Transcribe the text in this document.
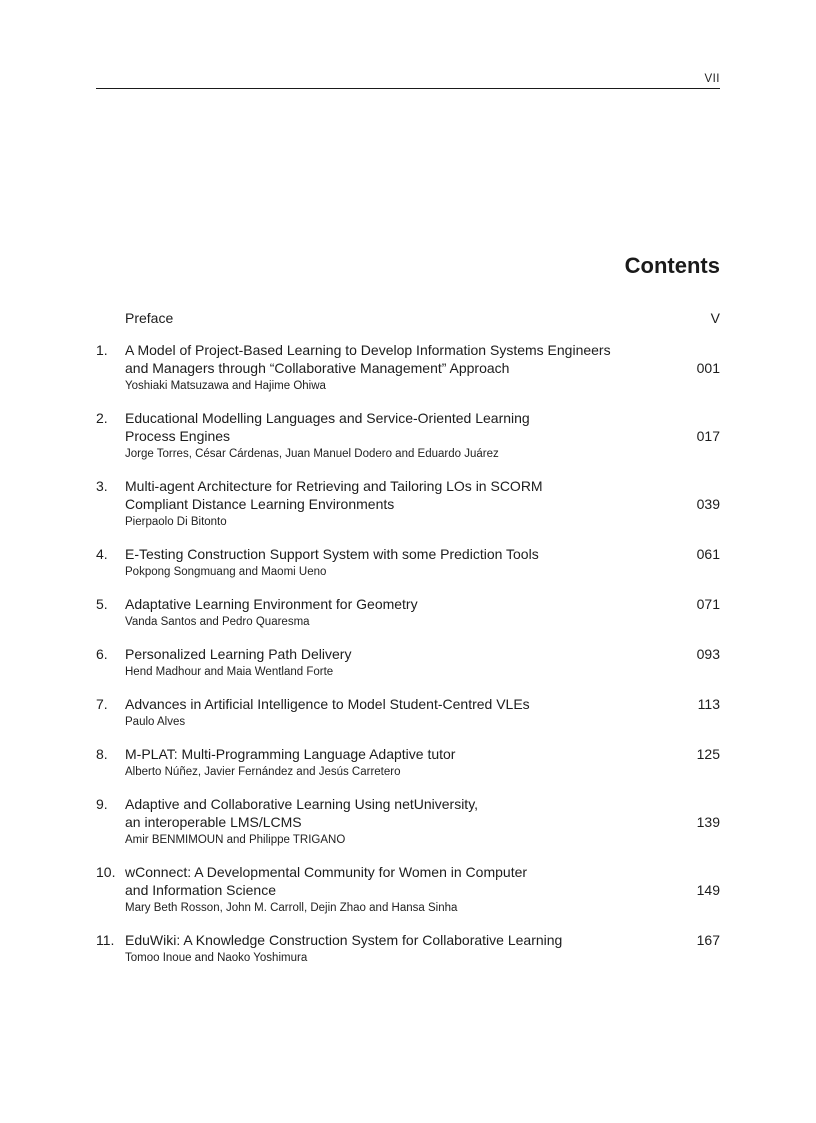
VII
Contents
Preface	V
1.	A Model of Project-Based Learning to Develop Information Systems Engineers
and Managers through “Collaborative Management” Approach
Yoshiaki Matsuzawa and Hajime Ohiwa
001
2.	Educational Modelling Languages and Service-Oriented Learning
Process Engines
Jorge Torres, César Cárdenas, Juan Manuel Dodero and Eduardo Juárez
017
3.	Multi-agent Architecture for Retrieving and Tailoring LOs in SCORM
Compliant Distance Learning Environments
Pierpaolo Di Bitonto
039
4.	E-Testing Construction Support System with some Prediction Tools
Pokpong Songmuang and Maomi Ueno
061
5.	Adaptative Learning Environment for Geometry
Vanda Santos and Pedro Quaresma
071
6.	Personalized Learning Path Delivery
Hend Madhour and Maia Wentland Forte
093
7.	Advances in Artificial Intelligence to Model Student-Centred VLEs
Paulo Alves
113
8.	M-PLAT: Multi-Programming Language Adaptive tutor
Alberto Núñez, Javier Fernández and Jesús Carretero
125
9.	Adaptive and Collaborative Learning Using netUniversity,
an interoperable LMS/LCMS
Amir BENMIMOUN and Philippe TRIGANO
139
10. wConnect: A Developmental Community for Women in Computer
and Information Science
Mary Beth Rosson, John M. Carroll, Dejin Zhao and Hansa Sinha
149
11. EduWiki: A Knowledge Construction System for Collaborative Learning
Tomoo Inoue and Naoko Yoshimura
167
